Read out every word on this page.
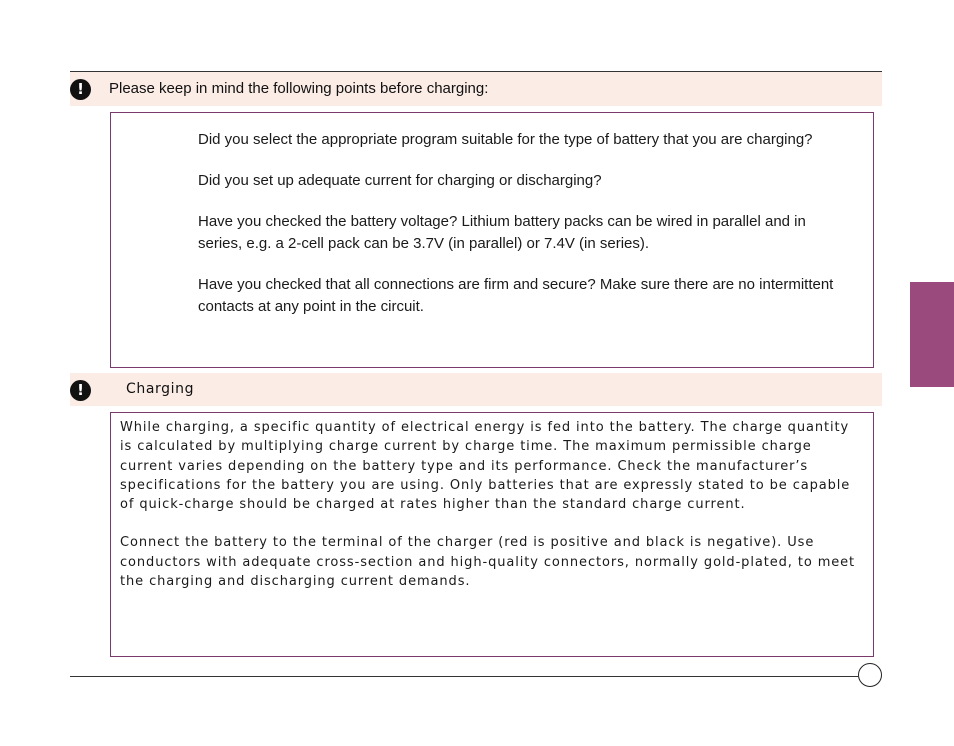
!	Please keep in mind the following points before charging:
Did you select the appropriate program suitable for the type of battery that you are charging?
Did you set up adequate current for charging or discharging?
Have you checked the battery voltage? Lithium battery packs can be wired in parallel and in series, e.g. a 2-cell pack can be 3.7V (in parallel) or 7.4V (in series).
Have you checked that all connections are firm and secure? Make sure there are no intermittent contacts at any point in the circuit.
!	Charging

While charging, a specific quantity of electrical energy is fed into the battery. The charge quantity is calculated by multiplying charge current by charge time. The maximum permissible charge current varies depending on the battery type and its performance. Check the manufacturer’s specifications for the battery you are using. Only batteries that are expressly stated to be capable of quick-charge should be charged at rates higher than the standard charge current.

Connect the battery to the terminal of the charger (red is positive and black is negative). Use conductors with adequate cross-section and high-quality connectors, normally gold-plated, to meet the charging and discharging current demands.
